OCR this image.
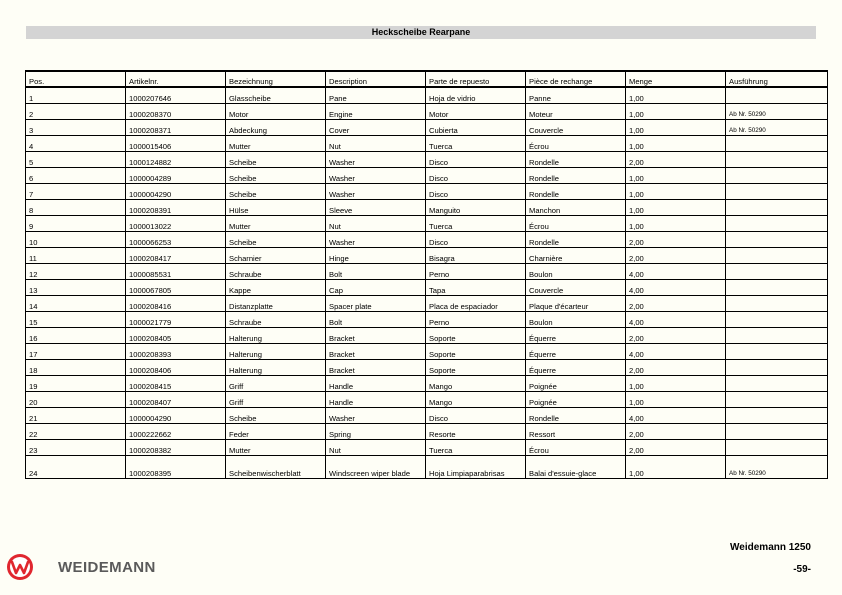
Heckscheibe Rearpane
Pos.	Artikelnr.	Bezeichnung	Description	Parte de repuesto	Pièce de rechange	Menge	Ausführung
1	1000207646	Glasscheibe	Pane	Hoja de vidrio	Panne	1,00	
2	1000208370	Motor	Engine	Motor	Moteur	1,00	Ab Nr. 50290
3	1000208371	Abdeckung	Cover	Cubierta	Couvercle	1,00	Ab Nr. 50290
4	1000015406	Mutter	Nut	Tuerca	Écrou	1,00	
5	1000124882	Scheibe	Washer	Disco	Rondelle	2,00	
6	1000004289	Scheibe	Washer	Disco	Rondelle	1,00	
7	1000004290	Scheibe	Washer	Disco	Rondelle	1,00	
8	1000208391	Hülse	Sleeve	Manguito	Manchon	1,00	
9	1000013022	Mutter	Nut	Tuerca	Écrou	1,00	
10	1000066253	Scheibe	Washer	Disco	Rondelle	2,00	
11	1000208417	Scharnier	Hinge	Bisagra	Charnière	2,00	
12	1000085531	Schraube	Bolt	Perno	Boulon	4,00	
13	1000067805	Kappe	Cap	Tapa	Couvercle	4,00	
14	1000208416	Distanzplatte	Spacer plate	Placa de espaciador	Plaque d'écarteur	2,00	
15	1000021779	Schraube	Bolt	Perno	Boulon	4,00	
16	1000208405	Halterung	Bracket	Soporte	Équerre	2,00	
17	1000208393	Halterung	Bracket	Soporte	Équerre	4,00	
18	1000208406	Halterung	Bracket	Soporte	Équerre	2,00	
19	1000208415	Griff	Handle	Mango	Poignée	1,00	
20	1000208407	Griff	Handle	Mango	Poignée	1,00	
21	1000004290	Scheibe	Washer	Disco	Rondelle	4,00	
22	1000222662	Feder	Spring	Resorte	Ressort	2,00	
23	1000208382	Mutter	Nut	Tuerca	Écrou	2,00	
24	1000208395	Scheibenwischerblatt	Windscreen wiper blade	Hoja Limpiaparabrisas	Balai d'essuie-glace	1,00	Ab Nr. 50290
WEIDEMANN
Weidemann 1250
-59-
